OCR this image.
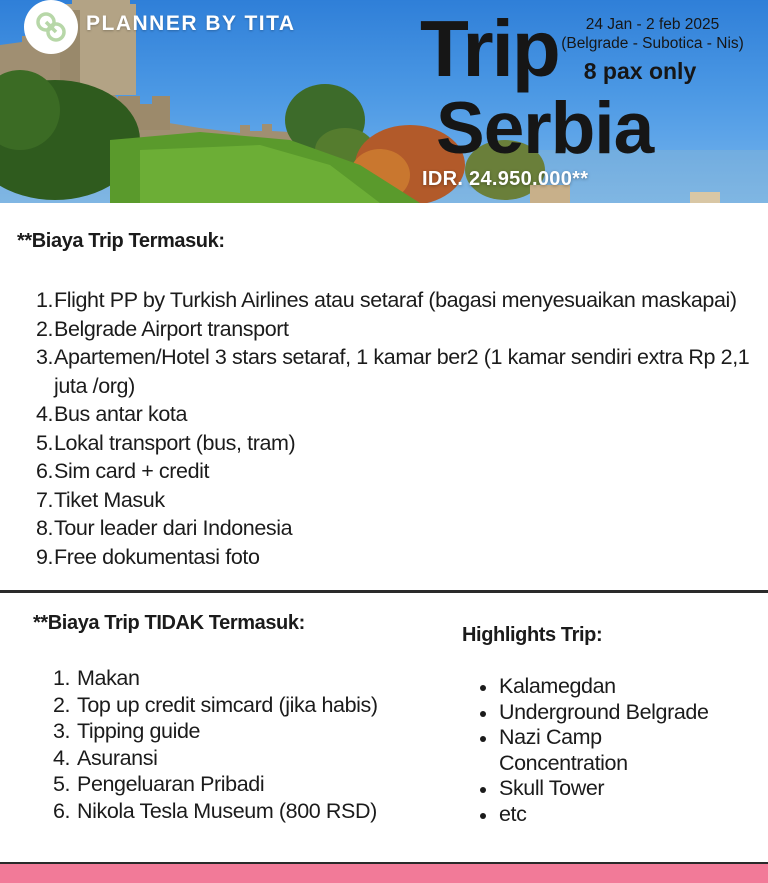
PLANNER BY TITA Trip
Serbia
24 Jan - 2 feb 2025
(Belgrade - Subotica - Nis)
8 pax only
IDR. 24.950.000**
**Biaya Trip Termasuk:
1.Flight PP by Turkish Airlines atau setaraf (bagasi menyesuaikan maskapai)
2.Belgrade Airport transport
3.Apartemen/Hotel 3 stars setaraf, 1 kamar ber2 (1 kamar sendiri extra Rp 2,1
juta /org)
4.Bus antar kota
5.Lokal transport (bus, tram)
6.Sim card + credit
7.Tiket Masuk
8.Tour leader dari Indonesia
9.Free dokumentasi foto
**Biaya Trip TIDAK Termasuk:
1. Makan
2. Top up credit simcard (jika habis)
3. Tipping guide
4. Asuransi
5. Pengeluaran Pribadi
6. Nikola Tesla Museum (800 RSD)
Highlights Trip:
Kalamegdan
Underground Belgrade
Nazi Camp Concentration
Skull Tower
etc
